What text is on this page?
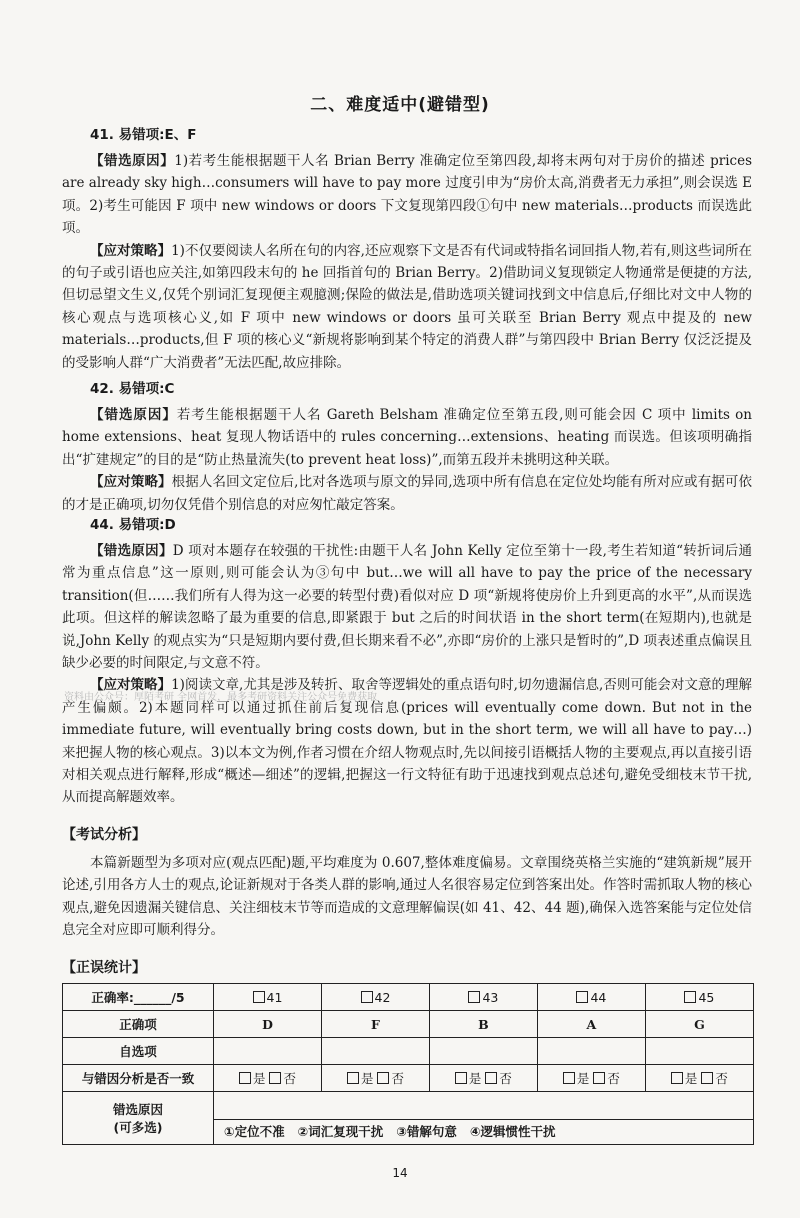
二、难度适中(避错型)
41. 易错项:E、F

【错选原因】1)若考生能根据题干人名 Brian Berry 准确定位至第四段,却将末两句对于房价的描述 prices are already sky high…consumers will have to pay more 过度引申为“房价太高,消费者无力承担”,则会误选 E 项。2)考生可能因 F 项中 new windows or doors 下文复现第四段①句中 new materials…products 而误选此项。

【应对策略】1)不仅要阅读人名所在句的内容,还应观察下文是否有代词或特指名词回指人物,若有,则这些词所在的句子或引语也应关注,如第四段末句的 he 回指首句的 Brian Berry。2)借助词义复现锁定人物通常是便捷的方法,但切忌望文生义,仅凭个别词汇复现便主观臆测;保险的做法是,借助选项关键词找到文中信息后,仔细比对文中人物的核心观点与选项核心义,如 F 项中 new windows or doors 虽可关联至 Brian Berry 观点中提及的 new materials…products,但 F 项的核心义“新规将影响到某个特定的消费人群”与第四段中 Brian Berry 仅泛泛提及的受影响人群“广大消费者”无法匹配,故应排除。

42. 易错项:C

【错选原因】若考生能根据题干人名 Gareth Belsham 准确定位至第五段,则可能会因 C 项中 limits on home extensions、heat 复现人物话语中的 rules concerning…extensions、heating 而误选。但该项明确指出“扩建规定”的目的是“防止热量流失(to prevent heat loss)”,而第五段并未挑明这种关联。

【应对策略】根据人名回文定位后,比对各选项与原文的异同,选项中所有信息在定位处均能有所对应或有据可依的才是正确项,切勿仅凭借个别信息的对应匆忙敲定答案。

44. 易错项:D

【错选原因】D 项对本题存在较强的干扰性:由题干人名 John Kelly 定位至第十一段,考生若知道“转折词后通常为重点信息”这一原则,则可能会认为③句中 but…we will all have to pay the price of the necessary transition(但……我们所有人得为这一必要的转型付费)看似对应 D 项“新规将使房价上升到更高的水平”,从而误选此项。但这样的解读忽略了最为重要的信息,即紧跟于 but 之后的时间状语 in the short term(在短期内),也就是说,John Kelly 的观点实为“只是短期内要付费,但长期来看不必”,亦即“房价的上涨只是暂时的”,D 项表述重点偏误且缺少必要的时间限定,与文意不符。

【应对策略】1)阅读文章,尤其是涉及转折、取舍等逻辑处的重点语句时,切勿遗漏信息,否则可能会对文意的理解产生偏颇。2)本题同样可以通过抓住前后复现信息(prices will eventually come down. But not in the immediate future, will eventually bring costs down, but in the short term, we will all have to pay…)来把握人物的核心观点。3)以本文为例,作者习惯在介绍人物观点时,先以间接引语概括人物的主要观点,再以直接引语对相关观点进行解释,形成“概述—细述”的逻辑,把握这一行文特征有助于迅速找到观点总述句,避免受细枝末节干扰,从而提高解题效率。

资料由公众号：厚陌考研 全网首发，最多考研资料关注公众号免费获取
【考试分析】

本篇新题型为多项对应(观点匹配)题,平均难度为 0.607,整体难度偏易。文章围绕英格兰实施的“建筑新规”展开论述,引用各方人士的观点,论证新规对于各类人群的影响,通过人名很容易定位到答案出处。作答时需抓取人物的核心观点,避免因遗漏关键信息、关注细枝末节等而造成的文意理解偏误(如 41、42、44 题),确保入选答案能与定位处信息完全对应即可顺利得分。

【正误统计】
正确率:______/5	41	42	43	44	45
正确项	D	F	B	A	G
自选项					
与错因分析是否一致	是 否	是 否	是 否	是 否	是 否
错选原因
(可多选)	①定位不准 ②词汇复现干扰 ③错解句意 ④逻辑惯性干扰				
14
